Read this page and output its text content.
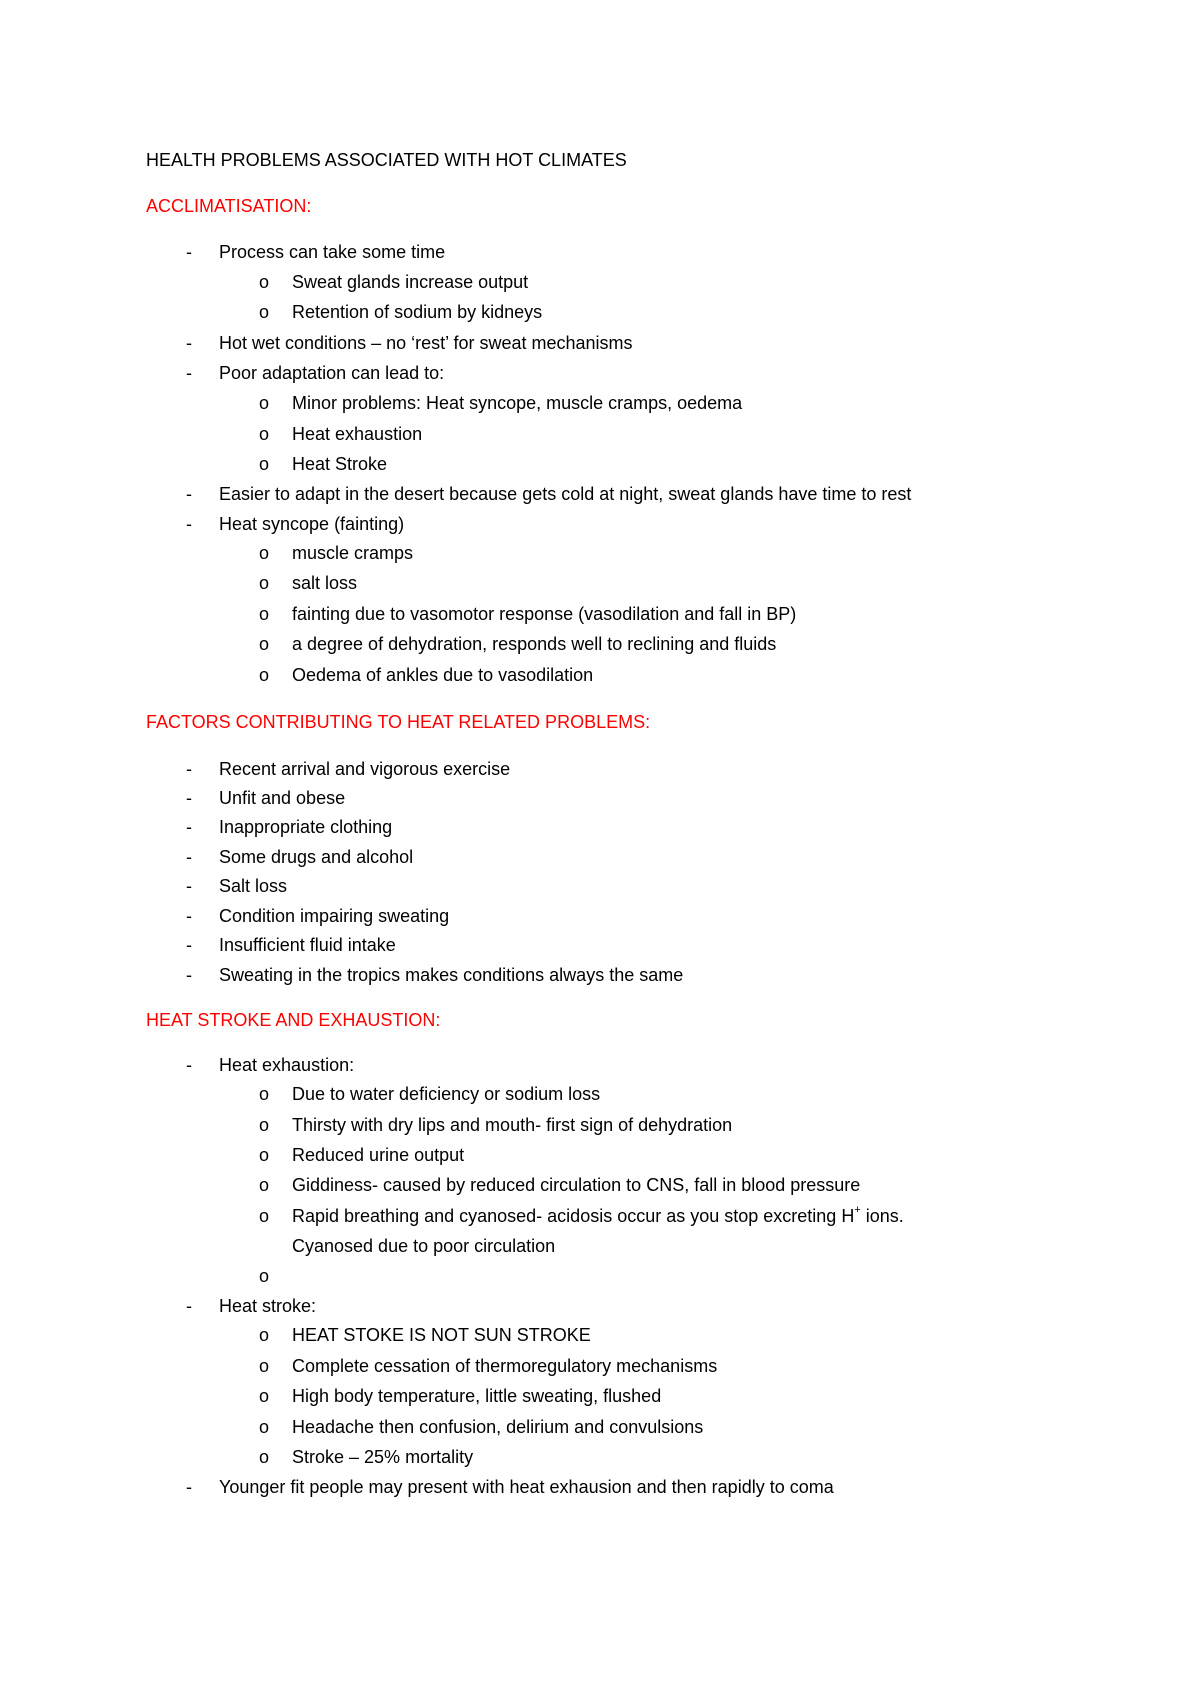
HEALTH PROBLEMS ASSOCIATED WITH HOT CLIMATES
ACCLIMATISATION:
- Process can take some time
o Sweat glands increase output
o Retention of sodium by kidneys
- Hot wet conditions – no ‘rest’ for sweat mechanisms
- Poor adaptation can lead to:
o Minor problems: Heat syncope, muscle cramps, oedema
o Heat exhaustion
o Heat Stroke
- Easier to adapt in the desert because gets cold at night, sweat glands have time to rest
- Heat syncope (fainting)
o muscle cramps
o salt loss
o fainting due to vasomotor response (vasodilation and fall in BP)
o a degree of dehydration, responds well to reclining and fluids
o Oedema of ankles due to vasodilation
FACTORS CONTRIBUTING TO HEAT RELATED PROBLEMS:
- Recent arrival and vigorous exercise
- Unfit and obese
- Inappropriate clothing
- Some drugs and alcohol
- Salt loss
- Condition impairing sweating
- Insufficient fluid intake
- Sweating in the tropics makes conditions always the same
HEAT STROKE AND EXHAUSTION:
- Heat exhaustion:
o Due to water deficiency or sodium loss
o Thirsty with dry lips and mouth- first sign of dehydration
o Reduced urine output
o Giddiness- caused by reduced circulation to CNS, fall in blood pressure
o Rapid breathing and cyanosed- acidosis occur as you stop excreting H+ ions.
Cyanosed due to poor circulation
o
- Heat stroke:
o HEAT STOKE IS NOT SUN STROKE
o Complete cessation of thermoregulatory mechanisms
o High body temperature, little sweating, flushed
o Headache then confusion, delirium and convulsions
o Stroke – 25% mortality
- Younger fit people may present with heat exhausion and then rapidly to coma
